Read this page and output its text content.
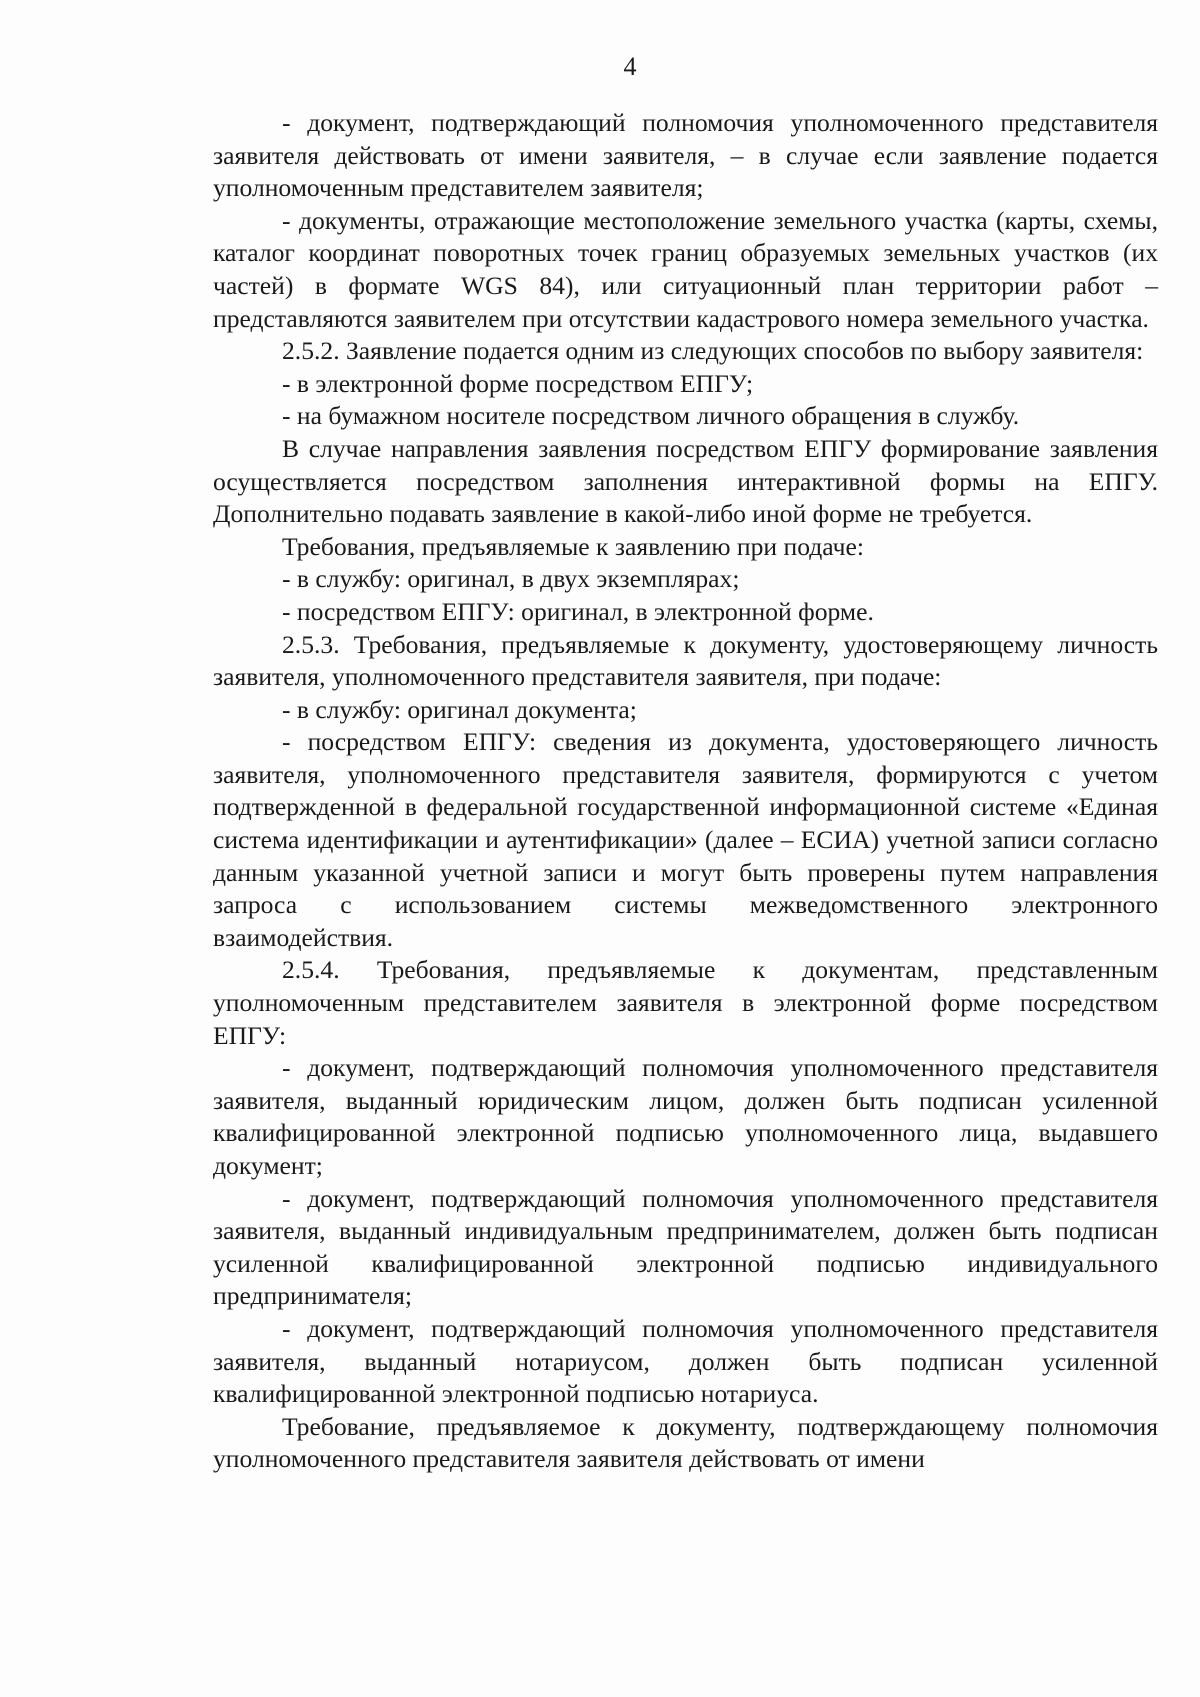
4

- документ, подтверждающий полномочия уполномоченного представителя заявителя действовать от имени заявителя, – в случае если заявление подается уполномоченным представителем заявителя;

- документы, отражающие местоположение земельного участка (карты, схемы, каталог координат поворотных точек границ образуемых земельных участков (их частей) в формате WGS 84), или ситуационный план территории работ – представляются заявителем при отсутствии кадастрового номера земельного участка.

2.5.2. Заявление подается одним из следующих способов по выбору заявителя:

- в электронной форме посредством ЕПГУ;

- на бумажном носителе посредством личного обращения в службу.

В случае направления заявления посредством ЕПГУ формирование заявления осуществляется посредством заполнения интерактивной формы на ЕПГУ. Дополнительно подавать заявление в какой-либо иной форме не требуется.

Требования, предъявляемые к заявлению при подаче:

- в службу: оригинал, в двух экземплярах;

- посредством ЕПГУ: оригинал, в электронной форме.

2.5.3. Требования, предъявляемые к документу, удостоверяющему личность заявителя, уполномоченного представителя заявителя, при подаче:

- в службу: оригинал документа;

- посредством ЕПГУ: сведения из документа, удостоверяющего личность заявителя, уполномоченного представителя заявителя, формируются с учетом подтвержденной в федеральной государственной информационной системе «Единая система идентификации и аутентификации» (далее – ЕСИА) учетной записи согласно данным указанной учетной записи и могут быть проверены путем направления запроса с использованием системы межведомственного электронного взаимодействия.

2.5.4. Требования, предъявляемые к документам, представленным уполномоченным представителем заявителя в электронной форме посредством ЕПГУ:

- документ, подтверждающий полномочия уполномоченного представителя заявителя, выданный юридическим лицом, должен быть подписан усиленной квалифицированной электронной подписью уполномоченного лица, выдавшего документ;

- документ, подтверждающий полномочия уполномоченного представителя заявителя, выданный индивидуальным предпринимателем, должен быть подписан усиленной квалифицированной электронной подписью индивидуального предпринимателя;

- документ, подтверждающий полномочия уполномоченного представителя заявителя, выданный нотариусом, должен быть подписан усиленной квалифицированной электронной подписью нотариуса.

Требование, предъявляемое к документу, подтверждающему полномочия уполномоченного представителя заявителя действовать от имени
